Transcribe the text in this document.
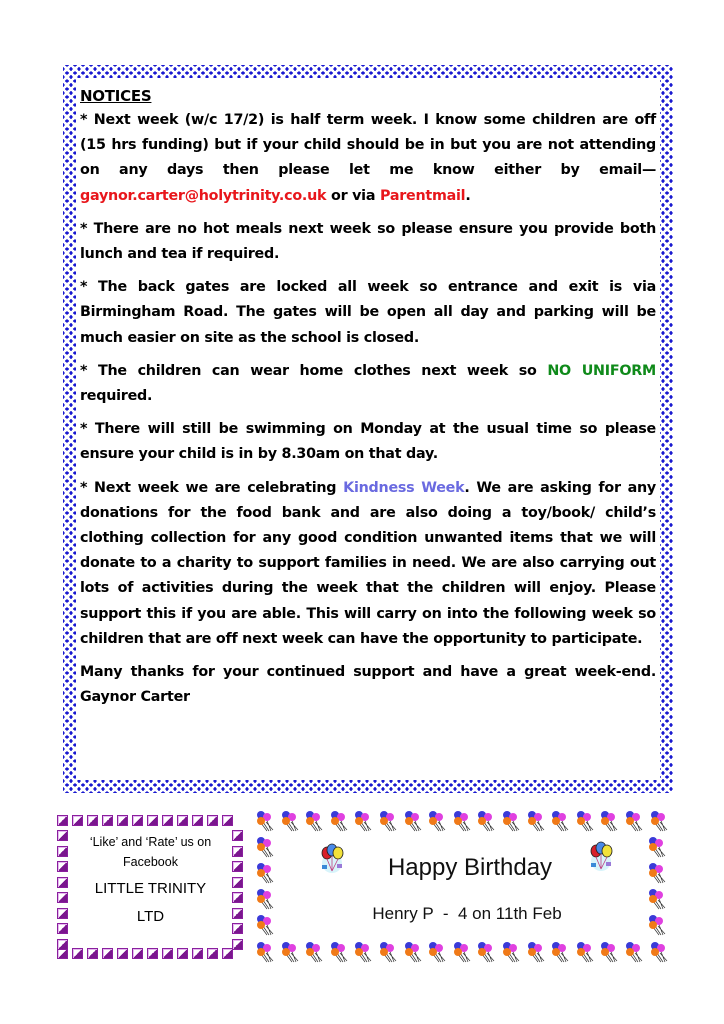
NOTICES
* Next week (w/c 17/2) is half term week. I know some children are off (15 hrs funding) but if your child should be in but you are not attending on any days then please let me know either by email—gaynor.carter@holytrinity.co.uk or via Parentmail.
* There are no hot meals next week so please ensure you provide both lunch and tea if required.
* The back gates are locked all week so entrance and exit is via Birmingham Road. The gates will be open all day and parking will be much easier on site as the school is closed.
* The children can wear home clothes next week so NO UNIFORM required.
* There will still be swimming on Monday at the usual time so please ensure your child is in by 8.30am on that day.
* Next week we are celebrating Kindness Week. We are asking for any donations for the food bank and are also doing a toy/book/ child’s clothing collection for any good condition unwanted items that we will donate to a charity to support families in need. We are also carrying out lots of activities during the week that the children will enjoy. Please support this if you are able. This will carry on into the following week so children that are off next week can have the opportunity to participate.
Many thanks for your continued support and have a great week-end. Gaynor Carter
‘Like’ and ‘Rate’ us on
Facebook
LITTLE TRINITY
LTD
Happy Birthday
Henry P  -  4 on 11th Feb
